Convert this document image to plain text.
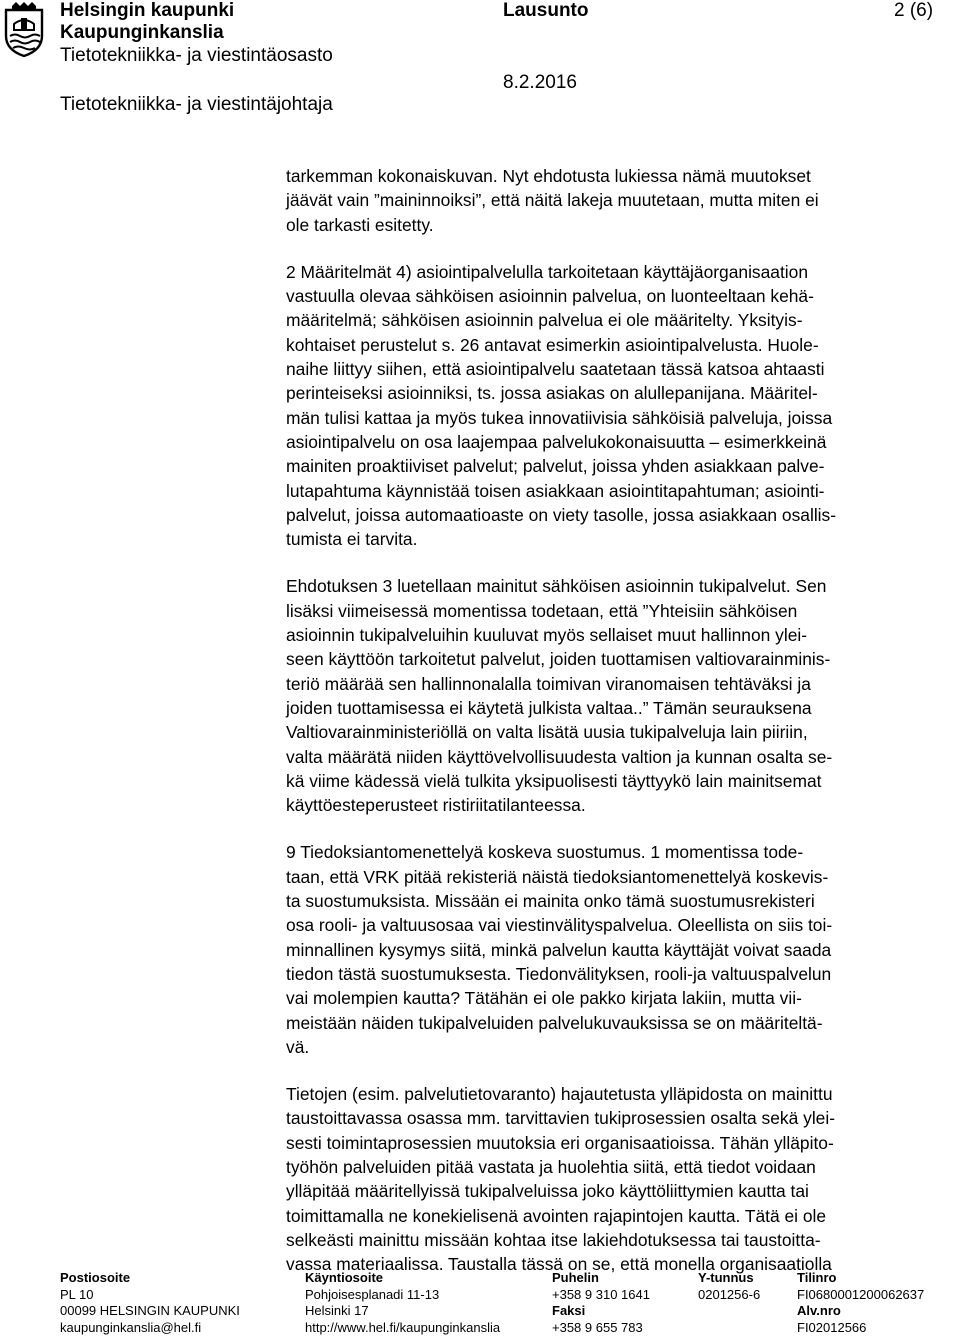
Helsingin kaupunki
Kaupunginkanslia
Tietotekniikka- ja viestintäosasto
Lausunto	2 (6)
8.2.2016
Tietotekniikka- ja viestintäjohtaja

tarkemman kokonaiskuvan. Nyt ehdotusta lukiessa nämä muutokset
jäävät vain ”maininnoiksi”, että näitä lakeja muutetaan, mutta miten ei
ole tarkasti esitetty.

2 Määritelmät 4) asiointipalvelulla tarkoitetaan käyttäjäorganisaation
vastuulla olevaa sähköisen asioinnin palvelua, on luonteeltaan kehä-
määritelmä; sähköisen asioinnin palvelua ei ole määritelty. Yksityis-
kohtaiset perustelut s. 26 antavat esimerkin asiointipalvelusta. Huole-
naihe liittyy siihen, että asiointipalvelu saatetaan tässä katsoa ahtaasti
perinteiseksi asioinniksi, ts. jossa asiakas on alullepanijana. Määritel-
män tulisi kattaa ja myös tukea innovatiivisia sähköisiä palveluja, joissa
asiointipalvelu on osa laajempaa palvelukokonaisuutta – esimerkkeinä
mainiten proaktiiviset palvelut; palvelut, joissa yhden asiakkaan palve-
lutapahtuma käynnistää toisen asiakkaan asiointitapahtuman; asiointi-
palvelut, joissa automaatioaste on viety tasolle, jossa asiakkaan osallis-
tumista ei tarvita.

Ehdotuksen 3 luetellaan mainitut sähköisen asioinnin tukipalvelut. Sen
lisäksi viimeisessä momentissa todetaan, että ”Yhteisiin sähköisen
asioinnin tukipalveluihin kuuluvat myös sellaiset muut hallinnon ylei-
seen käyttöön tarkoitetut palvelut, joiden tuottamisen valtiovarainminis-
teriö määrää sen hallinnonalalla toimivan viranomaisen tehtäväksi ja
joiden tuottamisessa ei käytetä julkista valtaa..” Tämän seurauksena
Valtiovarainministeriöllä on valta lisätä uusia tukipalveluja lain piiriin,
valta määrätä niiden käyttövelvollisuudesta valtion ja kunnan osalta se-
kä viime kädessä vielä tulkita yksipuolisesti täyttyykö lain mainitsemat
käyttöesteperusteet ristiriitatilanteessa.

9 Tiedoksiantomenettelyä koskeva suostumus. 1 momentissa tode-
taan, että VRK pitää rekisteriä näistä tiedoksiantomenettelyä koskevis-
ta suostumuksista. Missään ei mainita onko tämä suostumusrekisteri
osa rooli- ja valtuusosaa vai viestinvälityspalvelua. Oleellista on siis toi-
minnallinen kysymys siitä, minkä palvelun kautta käyttäjät voivat saada
tiedon tästä suostumuksesta. Tiedonvälityksen, rooli-ja valtuuspalvelun
vai molempien kautta? Tätähän ei ole pakko kirjata lakiin, mutta vii-
meistään näiden tukipalveluiden palvelukuvauksissa se on määriteltä-
vä.

Tietojen (esim. palvelutietovaranto) hajautetusta ylläpidosta on mainittu
taustoittavassa osassa mm. tarvittavien tukiprosessien osalta sekä ylei-
sesti toimintaprosessien muutoksia eri organisaatioissa. Tähän ylläpito-
työhön palveluiden pitää vastata ja huolehtia siitä, että tiedot voidaan
ylläpitää määritellyissä tukipalveluissa joko käyttöliittymien kautta tai
toimittamalla ne konekielisenä avointen rajapintojen kautta. Tätä ei ole
selkeästi mainittu missään kohtaa itse lakiehdotuksessa tai taustoitta-
vassa materiaalissa. Taustalla tässä on se, että monella organisaatiolla

Postiosoite
PL 10
00099 HELSINGIN KAUPUNKI
kaupunginkanslia@hel.fi
Käyntiosoite
Pohjoisesplanadi 11-13
Helsinki 17
http://www.hel.fi/kaupunginkanslia
Puhelin
+358 9 310 1641
Faksi
+358 9 655 783
Y-tunnus
0201256-6
Tilinro
FI0680001200062637
Alv.nro
FI02012566
